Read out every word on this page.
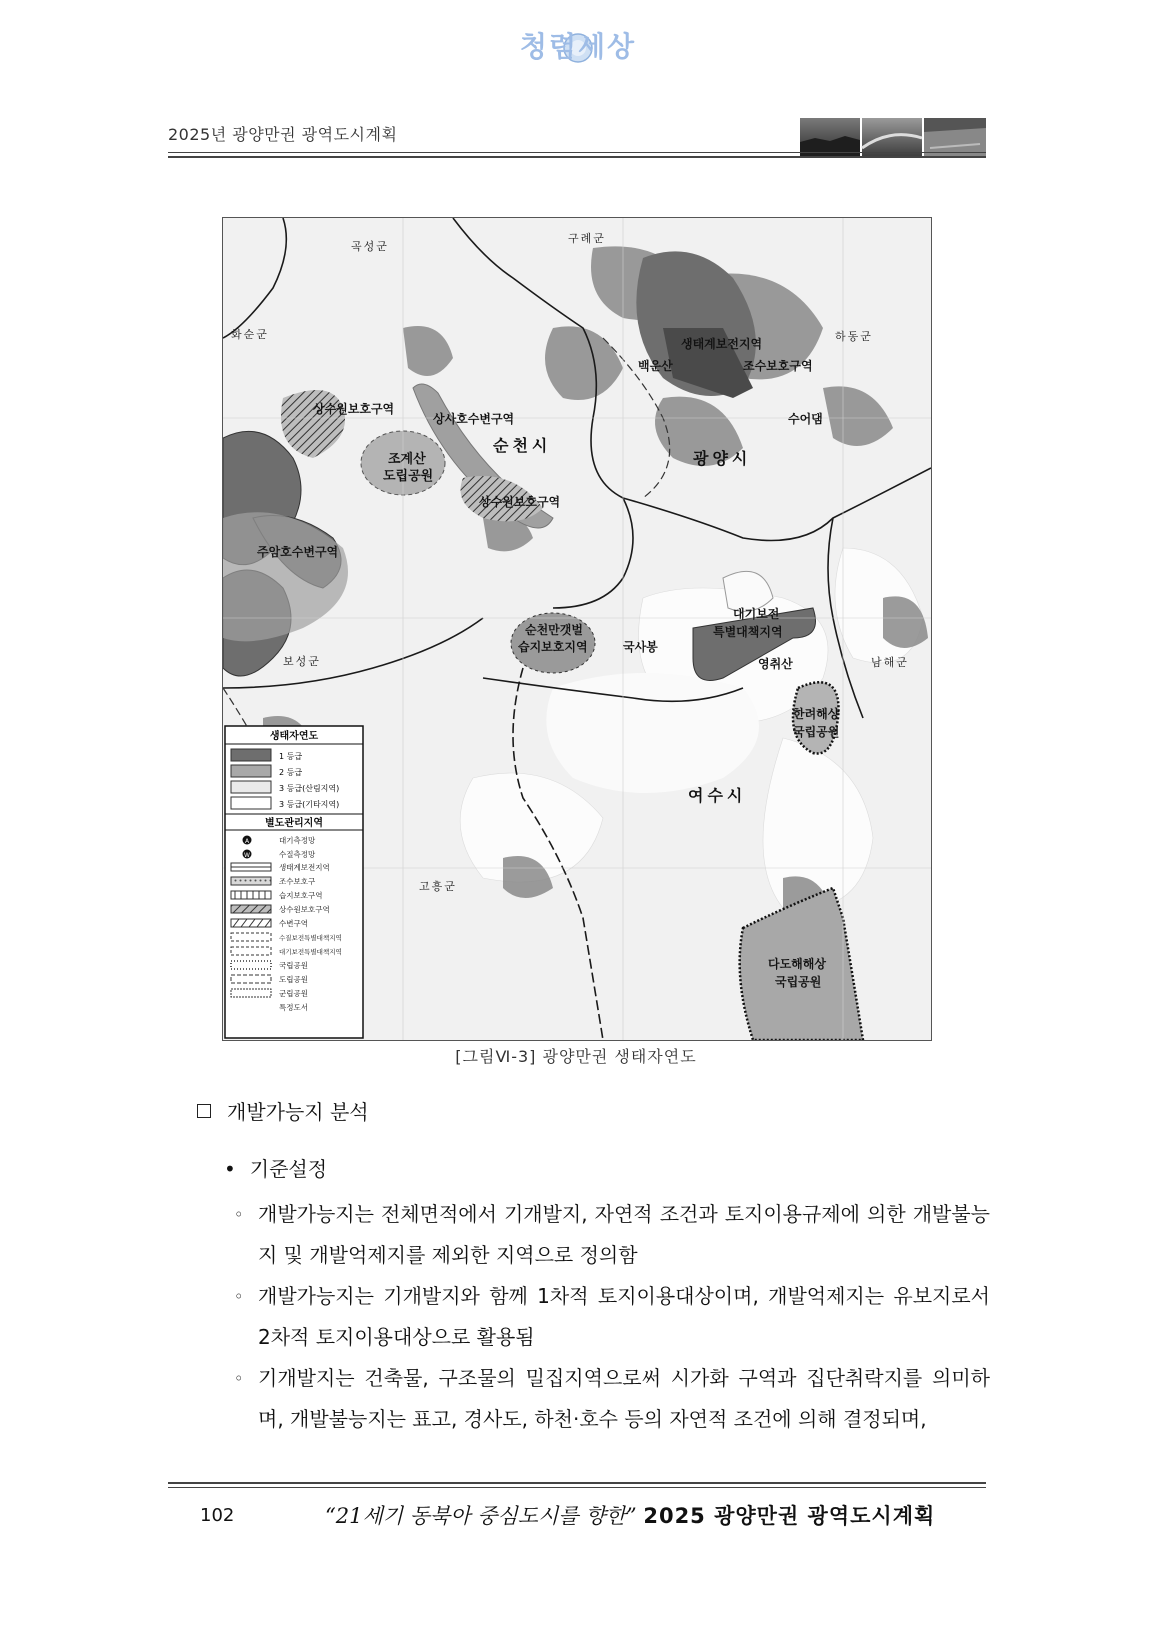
청렴세상
2025년 광양만권 광역도시계획
곡성군
구례군
화순군	하동군
보성군	남해군
고흥군
순천시
광양시
여수시
생태계보전지역
백운산	조수보호구역
수어댐
상수원보호구역
상사호수변구역
조계산
도립공원
상수원보호구역
주암호수변구역
순천만갯벌
습지보호지역	국사봉
대기보전
특별대책지역
영취산
한려해상
국립공원
다도해해상
국립공원
생태자연도
1 등급
2 등급
3 등급(산림지역)
3 등급(기타지역)
별도관리지역
A
W
대기측정망
수질측정망
생태계보전지역
조수보호구
습지보호구역
상수원보호구역
수변구역
수질보전특별대책지역
대기보전특별대책지역
국립공원
도립공원
군립공원
특정도서
[그림Ⅵ-3] 광양만권 생태자연도
개발가능지 분석
• 기준설정
◦ 개발가능지는 전체면적에서 기개발지, 자연적 조건과 토지이용규제에 의한 개발불능지 및 개발억제지를 제외한 지역으로 정의함
◦ 개발가능지는 기개발지와 함께 1차적 토지이용대상이며, 개발억제지는 유보지로서 2차적 토지이용대상으로 활용됨
◦ 기개발지는 건축물, 구조물의 밀집지역으로써 시가화 구역과 집단취락지를 의미하며, 개발불능지는 표고, 경사도, 하천·호수 등의 자연적 조건에 의해 결정되며,
102	“21세기 동북아 중심도시를 향한” 2025 광양만권 광역도시계획
